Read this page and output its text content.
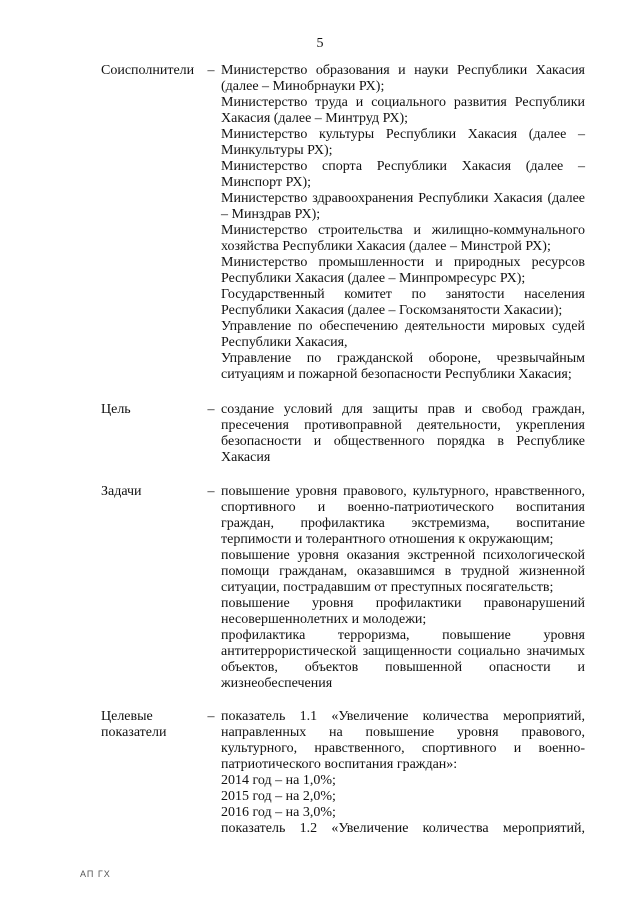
5
Соисполнители – Министерство образования и науки Республики Хакасия (далее – Минобрнауки РХ);

Министерство труда и социального развития Республики Хакасия (далее – Минтруд РХ);

Министерство культуры Республики Хакасия (далее – Минкультуры РХ);

Министерство спорта Республики Хакасия (далее – Минспорт РХ);

Министерство здравоохранения Республики Хакасия (далее – Минздрав РХ);

Министерство строительства и жилищно-коммунального хозяйства Республики Хакасия (далее – Минстрой РХ);

Министерство промышленности и природных ресурсов Республики Хакасия (далее – Минпромресурс РХ);

Государственный комитет по занятости населения Республики Хакасия (далее – Госкомзанятости Хакасии);

Управление по обеспечению деятельности мировых судей Республики Хакасия,

Управление по гражданской обороне, чрезвычайным ситуациям и пожарной безопасности Республики Хакасия;

Цель	– создание условий для защиты прав и свобод граждан, пресечения противоправной деятельности, укрепления безопасности и общественного порядка в Республике Хакасия

Задачи	– повышение уровня правового, культурного, нравственного, спортивного и военно-патриотического воспитания граждан, профилактика экстремизма, воспитание терпимости и толерантного отношения к окружающим;

повышение уровня оказания экстренной психологической помощи гражданам, оказавшимся в трудной жизненной ситуации, пострадавшим от преступных посягательств;

повышение уровня профилактики правонарушений несовершеннолетних и молодежи;

профилактика терроризма, повышение уровня антитеррористической защищенности социально значимых объектов, объектов повышенной опасности и жизнеобеспечения

Целевые показатели
– показатель 1.1 «Увеличение количества мероприятий, направленных на повышение уровня правового, культурного, нравственного, спортивного и военно-патриотического воспитания граждан»:

2014 год – на 1,0%;

2015 год – на 2,0%;

2016 год – на 3,0%;

показатель 1.2 «Увеличение количества мероприятий,

АП ГХ
